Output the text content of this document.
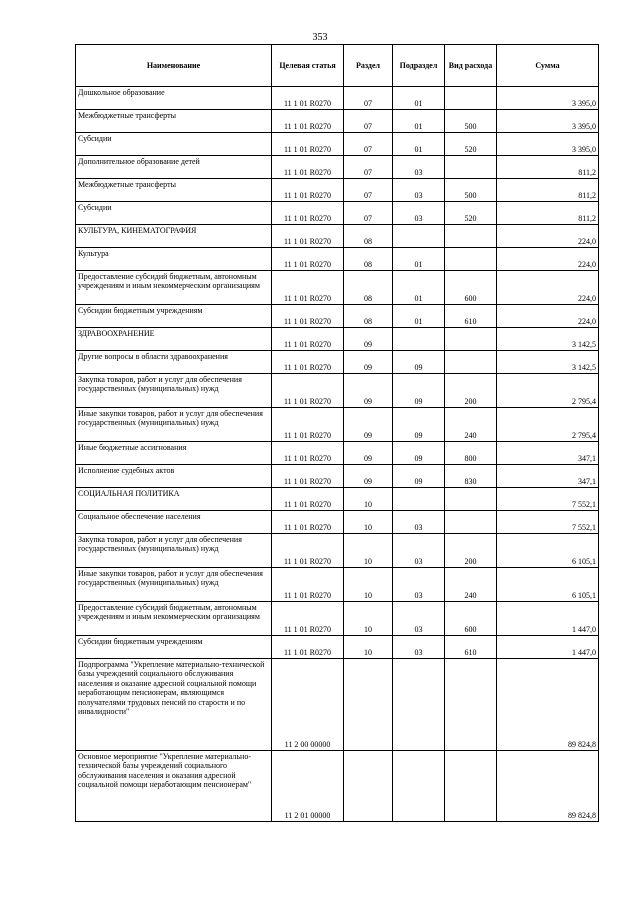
353
Наименование	Целевая статья	Раздел	Подраздел	Вид расхода	Сумма
Дошкольное образование	11 1 01 R0270	07	01		3 395,0
Межбюджетные трансферты	11 1 01 R0270	07	01	500	3 395,0
Субсидии	11 1 01 R0270	07	01	520	3 395,0
Дополнительное образование детей	11 1 01 R0270	07	03		811,2
Межбюджетные трансферты	11 1 01 R0270	07	03	500	811,2
Субсидии	11 1 01 R0270	07	03	520	811,2
КУЛЬТУРА, КИНЕМАТОГРАФИЯ	11 1 01 R0270	08			224,0
Культура	11 1 01 R0270	08	01		224,0
Предоставление субсидий бюджетным, автономным учреждениям и иным некоммерческим организациям	11 1 01 R0270	08	01	600	224,0
Субсидии бюджетным учреждениям	11 1 01 R0270	08	01	610	224,0
ЗДРАВООХРАНЕНИЕ	11 1 01 R0270	09			3 142,5
Другие вопросы в области здравоохранения	11 1 01 R0270	09	09		3 142,5
Закупка товаров, работ и услуг для обеспечения государственных (муниципальных) нужд	11 1 01 R0270	09	09	200	2 795,4
Иные закупки товаров, работ и услуг для обеспечения государственных (муниципальных) нужд	11 1 01 R0270	09	09	240	2 795,4
Иные бюджетные ассигнования	11 1 01 R0270	09	09	800	347,1
Исполнение судебных актов	11 1 01 R0270	09	09	830	347,1
СОЦИАЛЬНАЯ ПОЛИТИКА	11 1 01 R0270	10			7 552,1
Социальное обеспечение населения	11 1 01 R0270	10	03		7 552,1
Закупка товаров, работ и услуг для обеспечения государственных (муниципальных) нужд	11 1 01 R0270	10	03	200	6 105,1
Иные закупки товаров, работ и услуг для обеспечения государственных (муниципальных) нужд	11 1 01 R0270	10	03	240	6 105,1
Предоставление субсидий бюджетным, автономным учреждениям и иным некоммерческим организациям	11 1 01 R0270	10	03	600	1 447,0
Субсидии бюджетным учреждениям	11 1 01 R0270	10	03	610	1 447,0
Подпрограмма "Укрепление материально-технической базы учреждений социального обслуживания населения и оказание адресной социальной помощи неработающим пенсионерам, являющимся получателями трудовых пенсий по старости и по инвалидности"	11 2 00 00000				89 824,8
Основное мероприятие "Укрепление материально-технической базы учреждений социального обслуживания населения и оказания адресной социальной помощи неработающим пенсионерам"	11 2 01 00000				89 824,8
